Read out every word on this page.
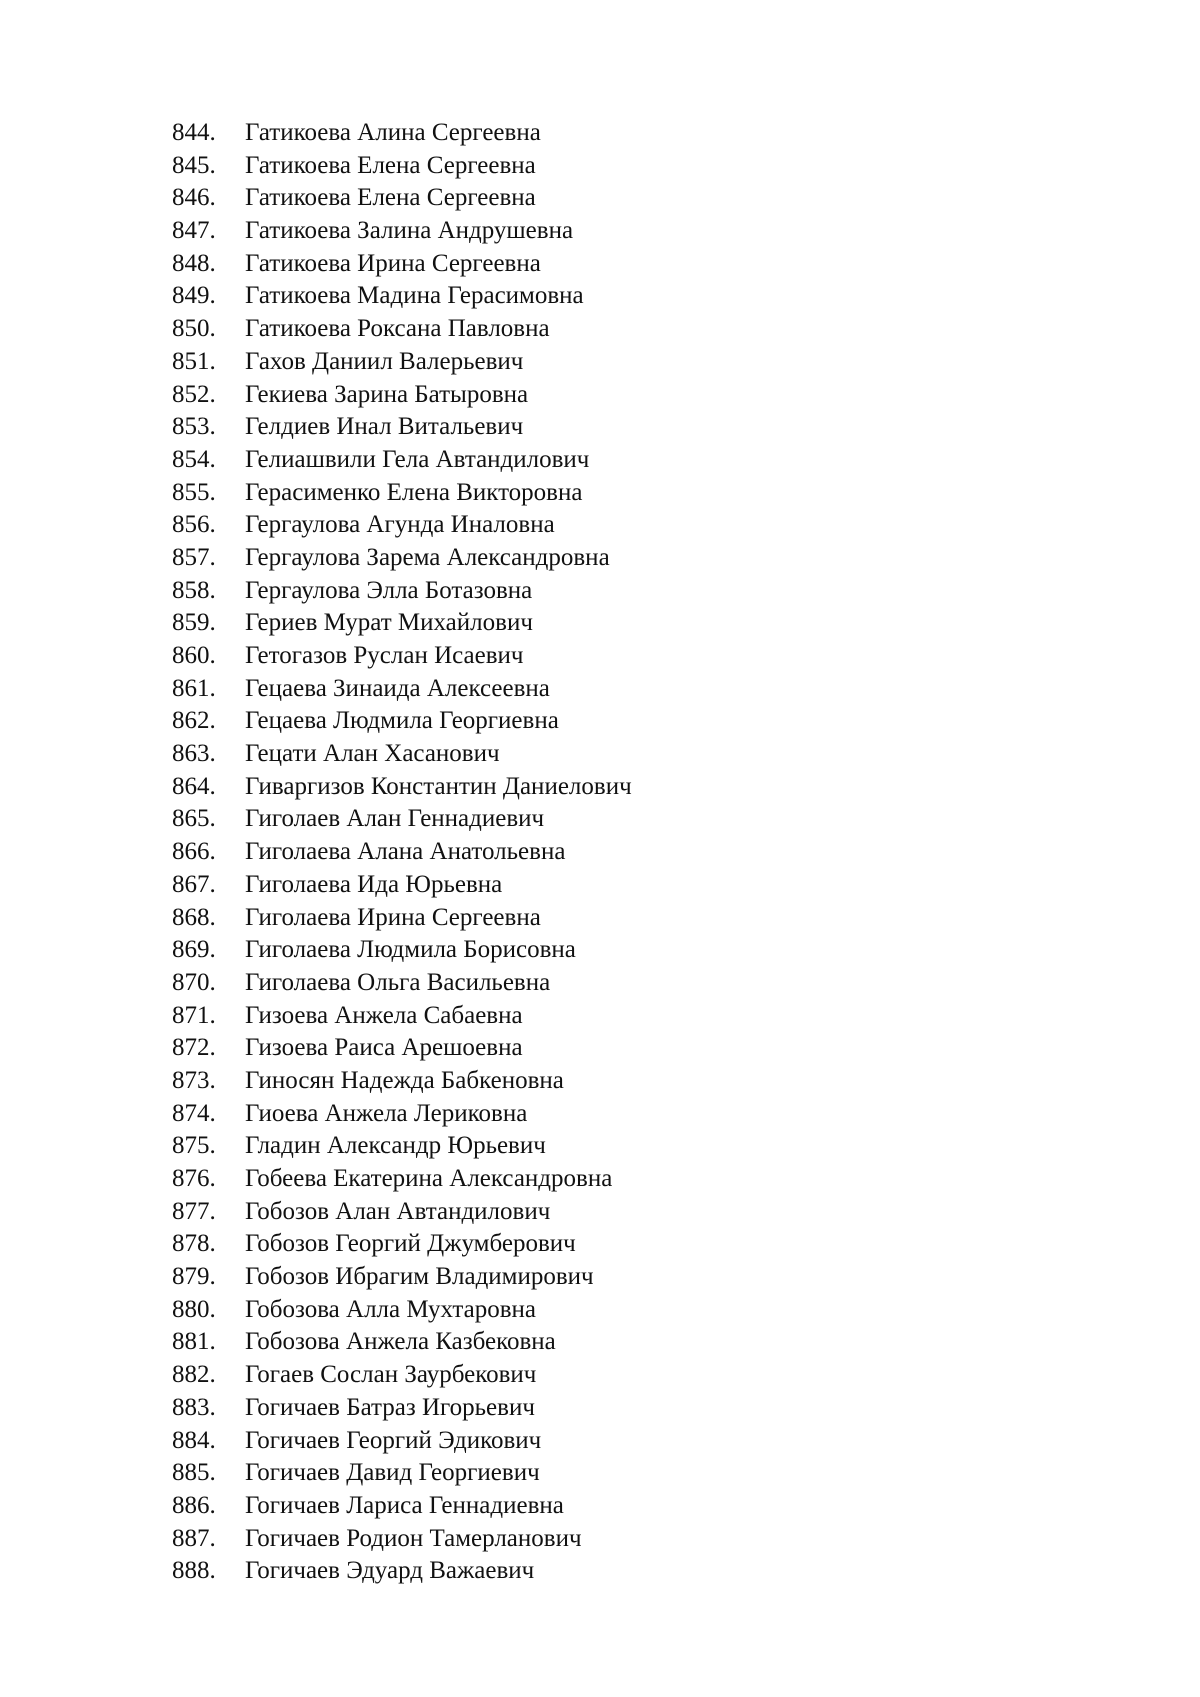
844. Гатикоева Алина Сергеевна
845. Гатикоева Елена Сергеевна
846. Гатикоева Елена Сергеевна
847. Гатикоева Залина Андрушевна
848. Гатикоева Ирина Сергеевна
849. Гатикоева Мадина Герасимовна
850. Гатикоева Роксана Павловна
851. Гахов Даниил Валерьевич
852. Гекиева Зарина Батыровна
853. Гелдиев Инал Витальевич
854. Гелиашвили Гела Автандилович
855. Герасименко Елена Викторовна
856. Гергаулова Агунда Иналовна
857. Гергаулова Зарема Александровна
858. Гергаулова Элла Ботазовна
859. Гериев Мурат Михайлович
860. Гетогазов Руслан Исаевич
861. Гецаева Зинаида Алексеевна
862. Гецаева Людмила Георгиевна
863. Гецати Алан Хасанович
864. Гиваргизов Константин Даниелович
865. Гиголаев Алан Геннадиевич
866. Гиголаева Алана Анатольевна
867. Гиголаева Ида Юрьевна
868. Гиголаева Ирина Сергеевна
869. Гиголаева Людмила Борисовна
870. Гиголаева Ольга Васильевна
871. Гизоева Анжела Сабаевна
872. Гизоева Раиса Арешоевна
873. Гиносян Надежда Бабкеновна
874. Гиоева Анжела Лериковна
875. Гладин Александр Юрьевич
876. Гобеева Екатерина Александровна
877. Гобозов Алан Автандилович
878. Гобозов Георгий Джумберович
879. Гобозов Ибрагим Владимирович
880. Гобозова Алла Мухтаровна
881. Гобозова Анжела Казбековна
882. Гогаев Сослан Заурбекович
883. Гогичаев Батраз Игорьевич
884. Гогичаев Георгий Эдикович
885. Гогичаев Давид Георгиевич
886. Гогичаев Лариса Геннадиевна
887. Гогичаев Родион Тамерланович
888. Гогичаев Эдуард Важаевич
